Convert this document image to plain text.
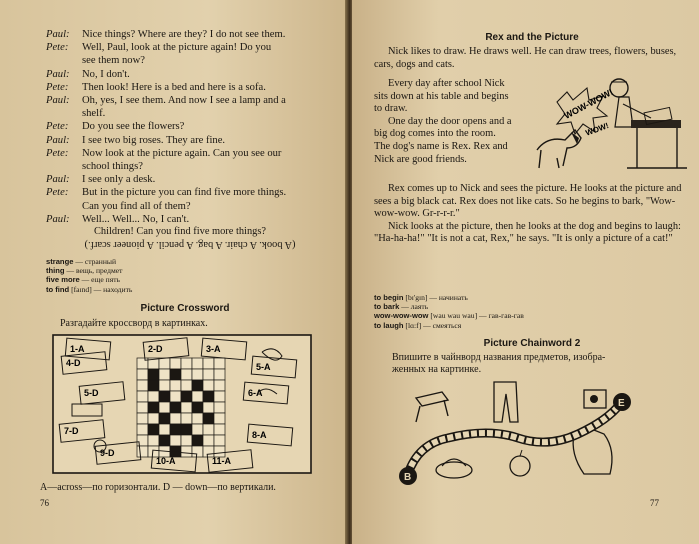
Paul:	Nice things? Where are they? I do not see them.
Pete:	Well, Paul, look at the picture again! Do you
see them now?
Paul:	No, I don't.
Pete:	Then look! Here is a bed and here is a sofa.
Paul:	Oh, yes, I see them. And now I see a lamp and a
shelf.
Pete:	Do you see the flowers?
Paul:	I see two big roses. They are fine.
Pete:	Now look at the picture again. Can you see our
school things?
Paul:	I see only a desk.
Pete:	But in the picture you can find five more things.
Can you find all of them?
Paul:	Well... Well... No, I can't.
Children! Can you find five more things?
(A book. A chair. A bag. A pencil. A pioneer scarf.)
strange — странный
thing — вещь, предмет
five more — еще пять
to find [faɪnd] — находить
Picture Crossword
Разгадайте кроссворд в картинках.
1-A	2-D	3-A
4-D	5-A
5-D	6-A
7-D	8-A
9-D
10-A	11-A
A—across—по горизонтали. D — down—по вертикали.
76
Rex and the Picture

Nick likes to draw. He draws well. He can draw trees, flowers, buses, cars, dogs and cats.

Every day after school Nick sits down at his table and begins to draw.

One day the door opens and a big dog comes into the room. The dog's name is Rex. Rex and Nick are good friends.

Rex comes up to Nick and sees the picture. He looks at the picture and sees a big black cat. Rex does not like cats. So he begins to bark, "Wow-wow-wow. Gr-r-r-r."

Nick looks at the picture, then he looks at the dog and begins to laugh: "Ha-ha-ha!" "It is not a cat, Rex," he says. "It is only a picture of a cat!"

WOW-WOW!
WOW!
to begin [bɪ'gɪn] — начинать
to bark — лаять
wow-wow-wow [wau wau wau] — гав-гав-гав
to laugh [lɑ:f] — смеяться
Picture Chainword 2
Впишите в чайнворд названия предметов, изобра-
женных на картинке.
B
E
77
